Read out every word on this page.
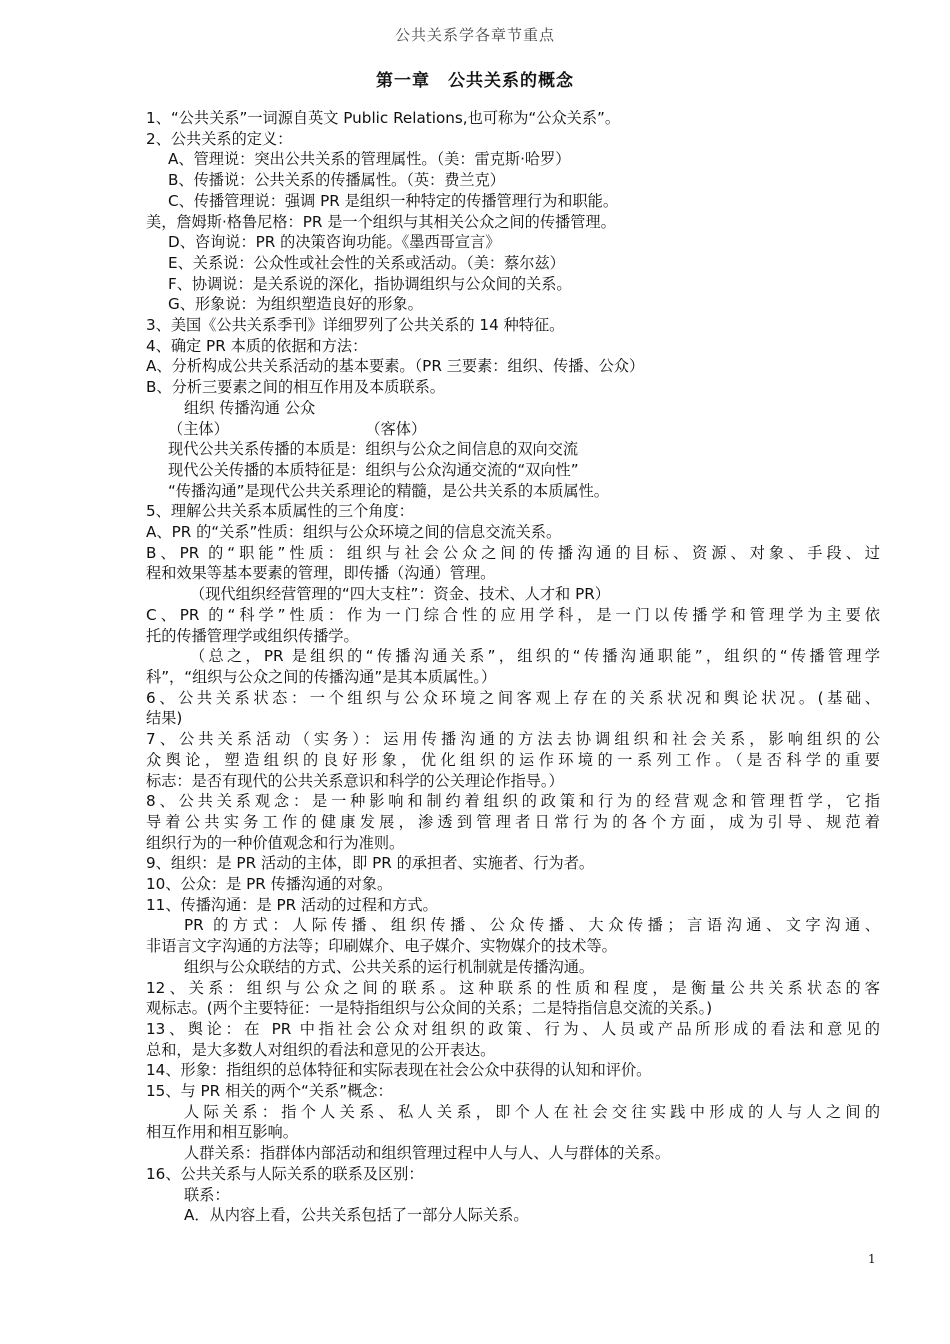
公共关系学各章节重点
第一章　公共关系的概念
1、“公共关系”一词源自英文 Public Relations,也可称为“公众关系”。
2、公共关系的定义：
A、管理说：突出公共关系的管理属性。（美：雷克斯·哈罗）
B、传播说：公共关系的传播属性。（英：费兰克）
C、传播管理说：强调 PR 是组织一种特定的传播管理行为和职能。
美，詹姆斯·格鲁尼格：PR 是一个组织与其相关公众之间的传播管理。
D、咨询说：PR 的决策咨询功能。《墨西哥宣言》
E、关系说：公众性或社会性的关系或活动。（美：蔡尔兹）
F、协调说：是关系说的深化，指协调组织与公众间的关系。
G、形象说：为组织塑造良好的形象。
3、美国《公共关系季刊》详细罗列了公共关系的 14 种特征。
4、确定 PR 本质的依据和方法：
A、分析构成公共关系活动的基本要素。（PR 三要素：组织、传播、公众）
B、分析三要素之间的相互作用及本质联系。
组织 传播沟通 公众
（主体）　　　　　　　　　　（客体）
现代公共关系传播的本质是：组织与公众之间信息的双向交流
现代公关传播的本质特征是：组织与公众沟通交流的“双向性”
“传播沟通”是现代公共关系理论的精髓，是公共关系的本质属性。
5、理解公共关系本质属性的三个角度：
A、PR 的“关系”性质：组织与公众环境之间的信息交流关系。
B、PR 的“职能”性质：组织与社会公众之间的传播沟通的目标、资源、对象、手段、过
程和效果等基本要素的管理，即传播（沟通）管理。
（现代组织经营管理的“四大支柱”：资金、技术、人才和 PR）
C、PR 的“科学”性质：作为一门综合性的应用学科，是一门以传播学和管理学为主要依
托的传播管理学或组织传播学。
（总之，PR 是组织的“传播沟通关系”，组织的“传播沟通职能”，组织的“传播管理学
科”，“组织与公众之间的传播沟通”是其本质属性。）
6、公共关系状态：一个组织与公众环境之间客观上存在的关系状况和舆论状况。(基础、
结果)
7、公共关系活动（实务）：运用传播沟通的方法去协调组织和社会关系，影响组织的公
众舆论，塑造组织的良好形象，优化组织的运作环境的一系列工作。（是否科学的重要
标志：是否有现代的公共关系意识和科学的公关理论作指导。）
8、公共关系观念：是一种影响和制约着组织的政策和行为的经营观念和管理哲学，它指
导着公共实务工作的健康发展，渗透到管理者日常行为的各个方面，成为引导、规范着
组织行为的一种价值观念和行为准则。
9、组织：是 PR 活动的主体，即 PR 的承担者、实施者、行为者。
10、公众：是 PR 传播沟通的对象。
11、传播沟通：是 PR 活动的过程和方式。
PR 的方式：人际传播、组织传播、公众传播、大众传播；言语沟通、文字沟通、
非语言文字沟通的方法等；印刷媒介、电子媒介、实物媒介的技术等。
组织与公众联结的方式、公共关系的运行机制就是传播沟通。
12、关系：组织与公众之间的联系。这种联系的性质和程度，是衡量公共关系状态的客
观标志。(两个主要特征：一是特指组织与公众间的关系；二是特指信息交流的关系。)
13、舆论：在 PR 中指社会公众对组织的政策、行为、人员或产品所形成的看法和意见的
总和，是大多数人对组织的看法和意见的公开表达。
14、形象：指组织的总体特征和实际表现在社会公众中获得的认知和评价。
15、与 PR 相关的两个“关系”概念：
人际关系：指个人关系、私人关系，即个人在社会交往实践中形成的人与人之间的
相互作用和相互影响。
人群关系：指群体内部活动和组织管理过程中人与人、人与群体的关系。
16、公共关系与人际关系的联系及区别：
联系：
A．从内容上看，公共关系包括了一部分人际关系。
1
